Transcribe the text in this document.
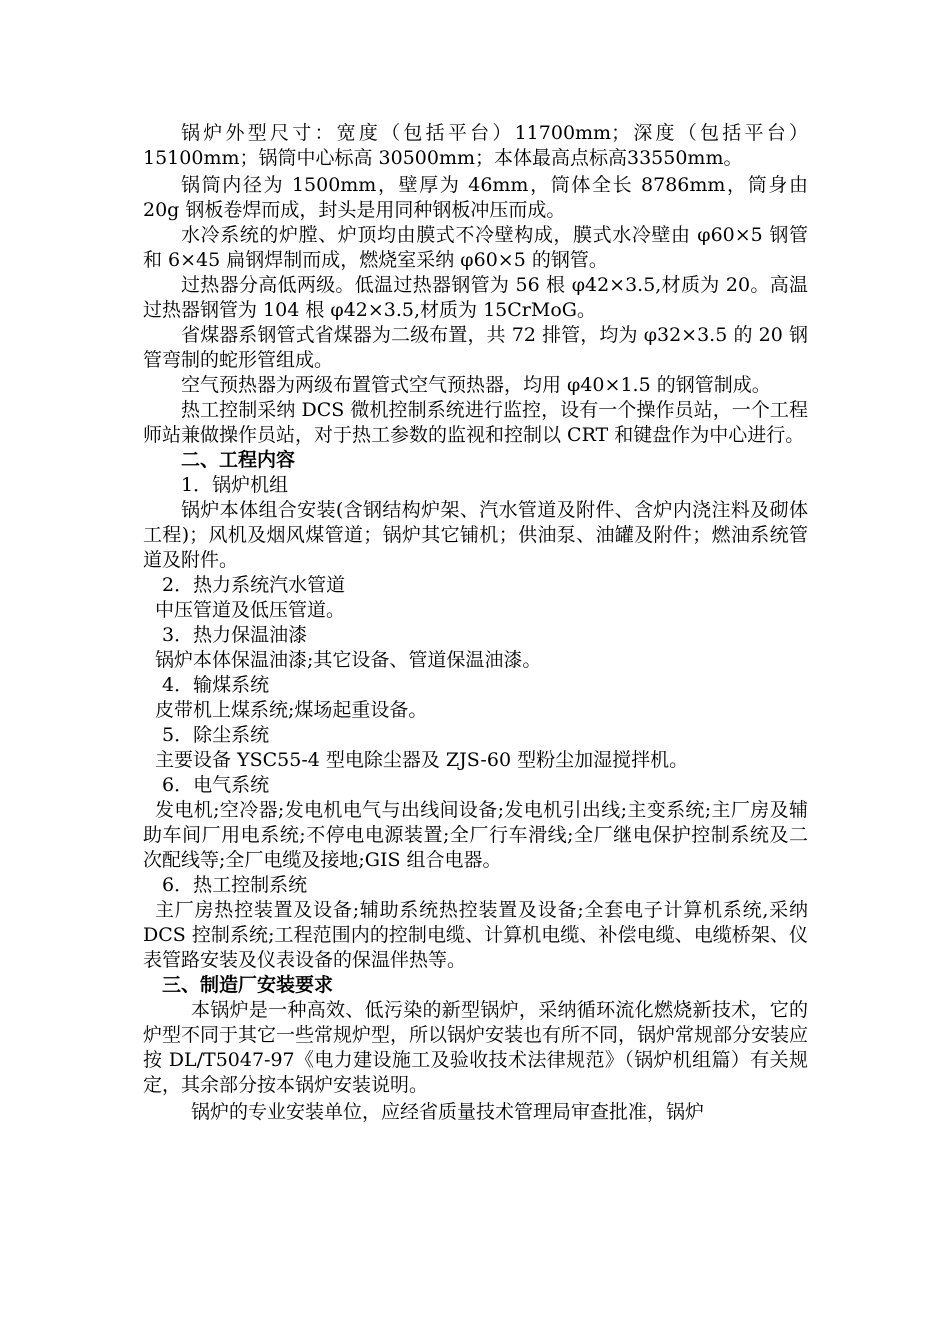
锅炉外型尺寸：宽度（包括平台）11700mm；深度（包括平台）15100mm；锅筒中心标高 30500mm；本体最高点标高33550mm。

锅筒内径为 1500mm，壁厚为 46mm，筒体全长 8786mm，筒身由 20g 钢板卷焊而成，封头是用同种钢板冲压而成。

水冷系统的炉膛、炉顶均由膜式不冷壁构成，膜式水冷壁由 φ60×5 钢管和 6×45 扁钢焊制而成，燃烧室采纳 φ60×5 的钢管。

过热器分高低两级。低温过热器钢管为 56 根 φ42×3.5,材质为 20。高温过热器钢管为 104 根 φ42×3.5,材质为 15CrMoG。

省煤器系钢管式省煤器为二级布置，共 72 排管，均为 φ32×3.5 的 20 钢管弯制的蛇形管组成。

空气预热器为两级布置管式空气预热器，均用 φ40×1.5 的钢管制成。

热工控制采纳 DCS 微机控制系统进行监控，设有一个操作员站，一个工程师站兼做操作员站，对于热工参数的监视和控制以 CRT 和键盘作为中心进行。

二、工程内容

1．锅炉机组

锅炉本体组合安装(含钢结构炉架、汽水管道及附件、含炉内浇注料及砌体工程)；风机及烟风煤管道；锅炉其它铺机；供油泵、油罐及附件；燃油系统管道及附件。

2．热力系统汽水管道

中压管道及低压管道。

3．热力保温油漆

锅炉本体保温油漆;其它设备、管道保温油漆。

4．输煤系统

皮带机上煤系统;煤场起重设备。

5．除尘系统

主要设备 YSC55-4 型电除尘器及 ZJS-60 型粉尘加湿搅拌机。

6．电气系统

发电机;空冷器;发电机电气与出线间设备;发电机引出线;主变系统;主厂房及辅助车间厂用电系统;不停电电源装置;全厂行车滑线;全厂继电保护控制系统及二次配线等;全厂电缆及接地;GIS 组合电器。

6．热工控制系统

主厂房热控装置及设备;辅助系统热控装置及设备;全套电子计算机系统,采纳 DCS 控制系统;工程范围内的控制电缆、计算机电缆、补偿电缆、电缆桥架、仪表管路安装及仪表设备的保温伴热等。

三、制造厂安装要求

本锅炉是一种高效、低污染的新型锅炉，采纳循环流化燃烧新技术，它的炉型不同于其它一些常规炉型，所以锅炉安装也有所不同，锅炉常规部分安装应按 DL/T5047-97《电力建设施工及验收技术法律规范》（锅炉机组篇）有关规定，其余部分按本锅炉安装说明。

锅炉的专业安装单位，应经省质量技术管理局审查批准，锅炉
